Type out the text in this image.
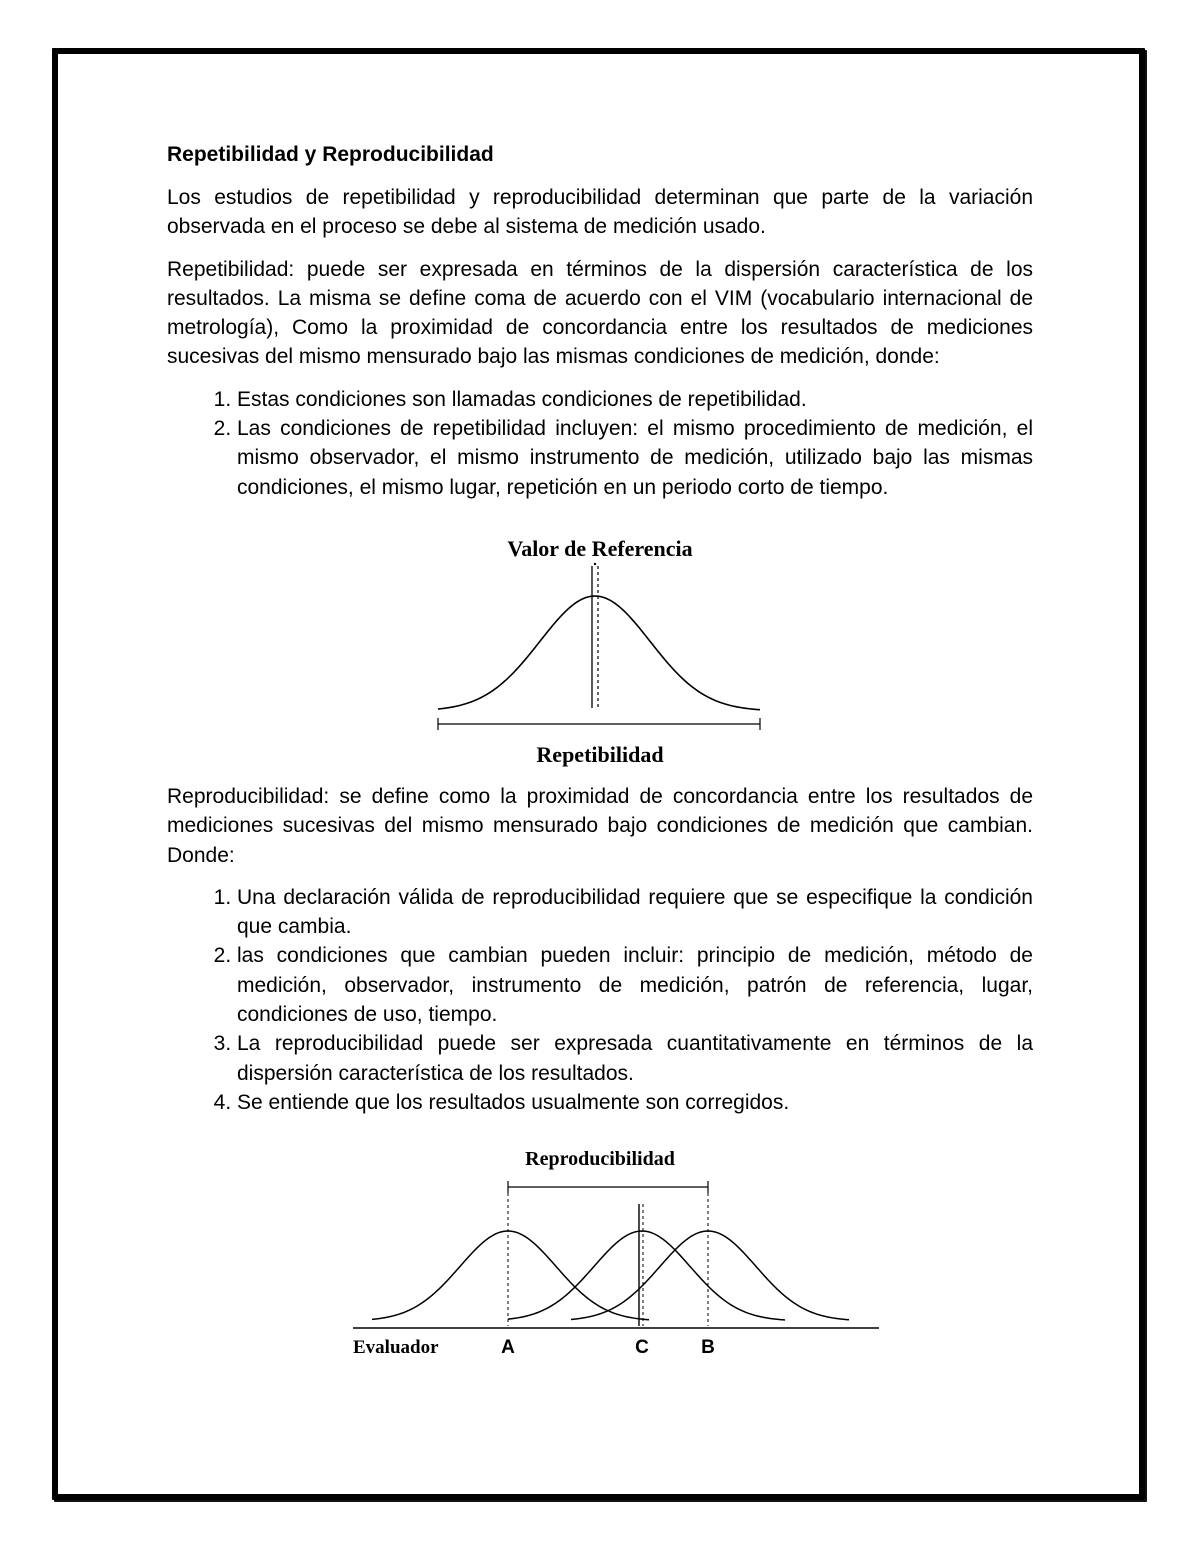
Repetibilidad y Reproducibilidad

Los estudios de repetibilidad y reproducibilidad determinan que parte de la variación observada en el proceso se debe al sistema de medición usado.

Repetibilidad: puede ser expresada en términos de la dispersión característica de los resultados. La misma se define coma de acuerdo con el VIM (vocabulario internacional de metrología), Como la proximidad de concordancia entre los resultados de mediciones sucesivas del mismo mensurado bajo las mismas condiciones de medición, donde:

1. Estas condiciones son llamadas condiciones de repetibilidad.
2. Las condiciones de repetibilidad incluyen: el mismo procedimiento de medición, el mismo observador, el mismo instrumento de medición, utilizado bajo las mismas condiciones, el mismo lugar, repetición en un periodo corto de tiempo.
Valor de Referencia
Repetibilidad

Reproducibilidad: se define como la proximidad de concordancia entre los resultados de mediciones sucesivas del mismo mensurado bajo condiciones de medición que cambian. Donde:

1. Una declaración válida de reproducibilidad requiere que se especifique la condición que cambia.
2. las condiciones que cambian pueden incluir: principio de medición, método de medición, observador, instrumento de medición, patrón de referencia, lugar, condiciones de uso, tiempo.
3. La reproducibilidad puede ser expresada cuantitativamente en términos de la dispersión característica de los resultados.
4. Se entiende que los resultados usualmente son corregidos.
Reproducibilidad
Evaluador	A	C	B
